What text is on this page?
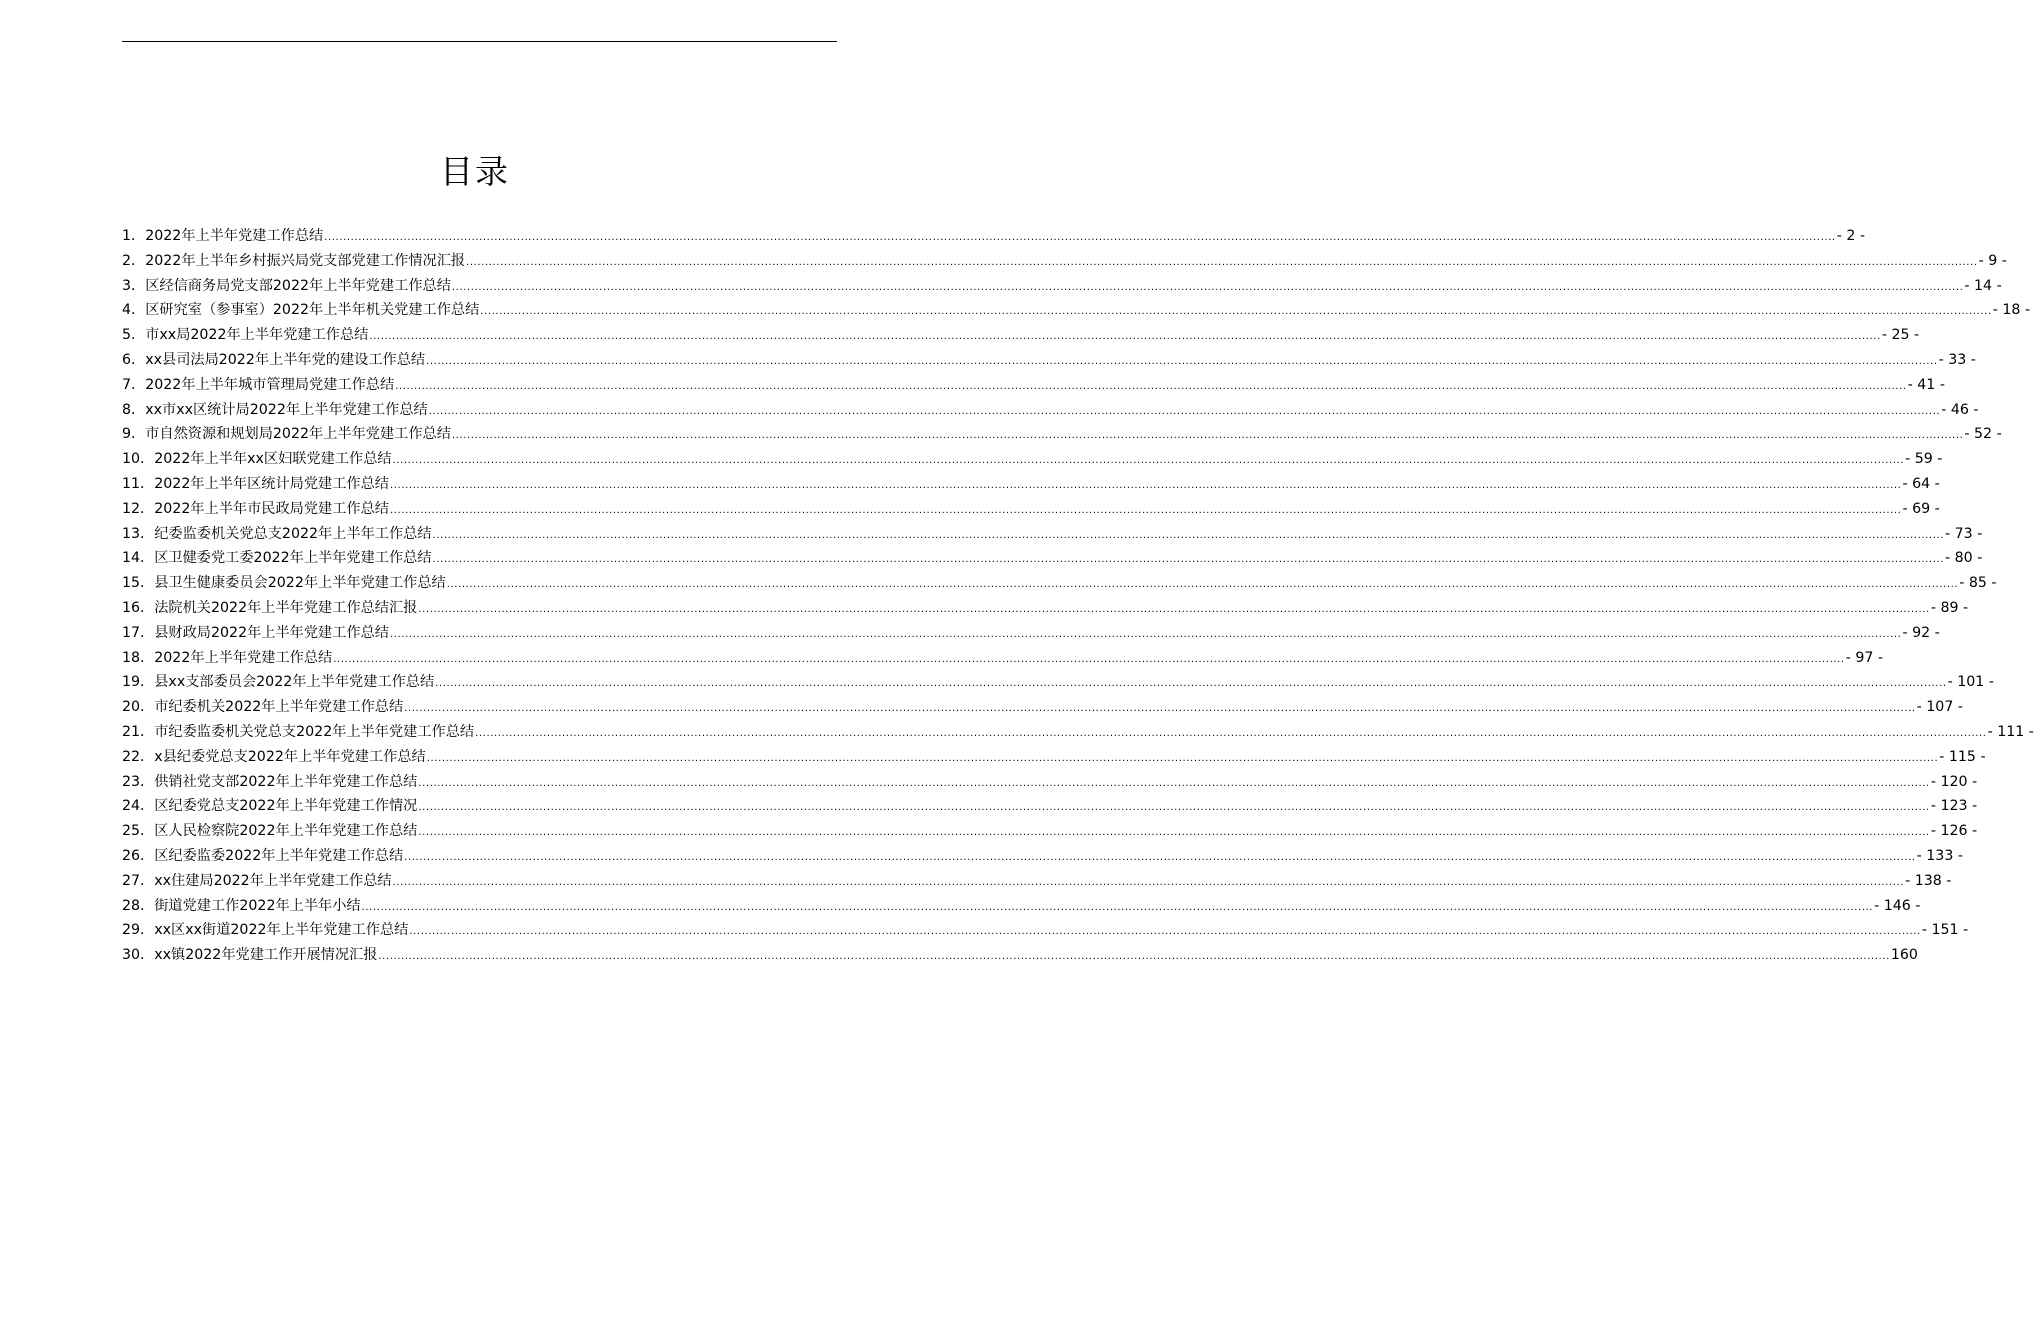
目录
1．2022年上半年党建工作总结 ................................................................................................................................................................................................................................................................................................................................................................................................................ - 2 -
2．2022年上半年乡村振兴局党支部党建工作情况汇报 ................................................................................................................................................................................................................................................................................................................................................................................................................ - 9 -
3．区经信商务局党支部2022年上半年党建工作总结 ................................................................................................................................................................................................................................................................................................................................................................................................................ - 14 -
4．区研究室（参事室）2022年上半年机关党建工作总结 ................................................................................................................................................................................................................................................................................................................................................................................................................ - 18 -
5．市xx局2022年上半年党建工作总结 ................................................................................................................................................................................................................................................................................................................................................................................................................ - 25 -
6．xx县司法局2022年上半年党的建设工作总结 ................................................................................................................................................................................................................................................................................................................................................................................................................ - 33 -
7．2022年上半年城市管理局党建工作总结 ................................................................................................................................................................................................................................................................................................................................................................................................................ - 41 -
8．xx市xx区统计局2022年上半年党建工作总结 ................................................................................................................................................................................................................................................................................................................................................................................................................ - 46 -
9．市自然资源和规划局2022年上半年党建工作总结 ................................................................................................................................................................................................................................................................................................................................................................................................................ - 52 -
10．2022年上半年xx区妇联党建工作总结 ................................................................................................................................................................................................................................................................................................................................................................................................................ - 59 -
11．2022年上半年区统计局党建工作总结 ................................................................................................................................................................................................................................................................................................................................................................................................................ - 64 -
12．2022年上半年市民政局党建工作总结 ................................................................................................................................................................................................................................................................................................................................................................................................................ - 69 -
13．纪委监委机关党总支2022年上半年工作总结 ................................................................................................................................................................................................................................................................................................................................................................................................................ - 73 -
14．区卫健委党工委2022年上半年党建工作总结 ................................................................................................................................................................................................................................................................................................................................................................................................................ - 80 -
15．县卫生健康委员会2022年上半年党建工作总结 ................................................................................................................................................................................................................................................................................................................................................................................................................ - 85 -
16．法院机关2022年上半年党建工作总结汇报 ................................................................................................................................................................................................................................................................................................................................................................................................................ - 89 -
17．县财政局2022年上半年党建工作总结 ................................................................................................................................................................................................................................................................................................................................................................................................................ - 92 -
18．2022年上半年党建工作总结 ................................................................................................................................................................................................................................................................................................................................................................................................................ - 97 -
19．县xx支部委员会2022年上半年党建工作总结 ................................................................................................................................................................................................................................................................................................................................................................................................................ - 101 -
20．市纪委机关2022年上半年党建工作总结 ................................................................................................................................................................................................................................................................................................................................................................................................................ - 107 -
21．市纪委监委机关党总支2022年上半年党建工作总结 ................................................................................................................................................................................................................................................................................................................................................................................................................ - 111 -
22．x县纪委党总支2022年上半年党建工作总结 ................................................................................................................................................................................................................................................................................................................................................................................................................ - 115 -
23．供销社党支部2022年上半年党建工作总结 ................................................................................................................................................................................................................................................................................................................................................................................................................ - 120 -
24．区纪委党总支2022年上半年党建工作情况 ................................................................................................................................................................................................................................................................................................................................................................................................................ - 123 -
25．区人民检察院2022年上半年党建工作总结 ................................................................................................................................................................................................................................................................................................................................................................................................................ - 126 -
26．区纪委监委2022年上半年党建工作总结 ................................................................................................................................................................................................................................................................................................................................................................................................................ - 133 -
27．xx住建局2022年上半年党建工作总结 ................................................................................................................................................................................................................................................................................................................................................................................................................ - 138 -
28．街道党建工作2022年上半年小结 ................................................................................................................................................................................................................................................................................................................................................................................................................ - 146 -
29．xx区xx街道2022年上半年党建工作总结 ................................................................................................................................................................................................................................................................................................................................................................................................................ - 151 -
30．xx镇2022年党建工作开展情况汇报 ................................................................................................................................................................................................................................................................................................................................................................................................................ 160
